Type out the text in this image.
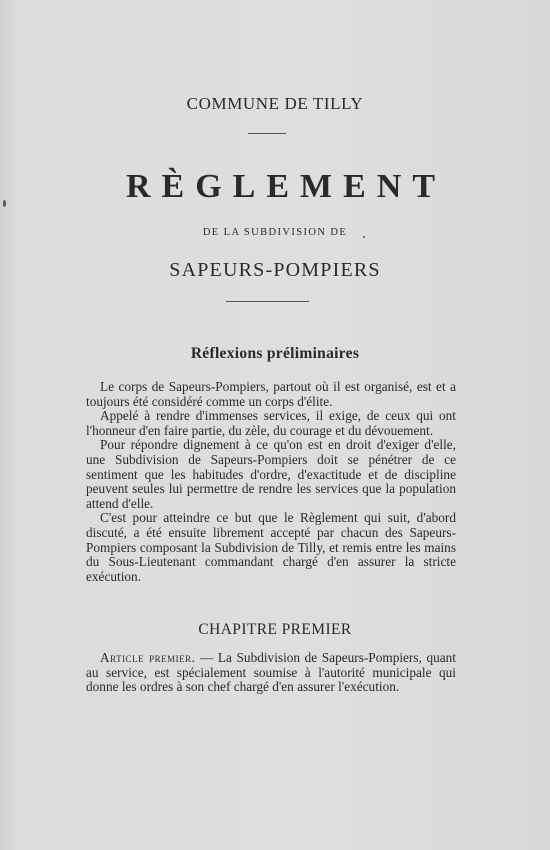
COMMUNE DE TILLY
RÈGLEMENT
DE LA SUBDIVISION DE
SAPEURS-POMPIERS
Réflexions préliminaires

Le corps de Sapeurs-Pompiers, partout où il est organisé, est et a toujours été considéré comme un corps d'élite.

Appelé à rendre d'immenses services, il exige, de ceux qui ont l'honneur d'en faire partie, du zèle, du courage et du dévouement.

Pour répondre dignement à ce qu'on est en droit d'exiger d'elle, une Subdivision de Sapeurs-Pompiers doit se pénétrer de ce sentiment que les habitudes d'ordre, d'exactitude et de discipline peuvent seules lui permettre de rendre les services que la population attend d'elle.

C'est pour atteindre ce but que le Règlement qui suit, d'abord discuté, a été ensuite librement accepté par chacun des Sapeurs-Pompiers composant la Subdivision de Tilly, et remis entre les mains du Sous-Lieutenant commandant chargé d'en assurer la stricte exécution.

CHAPITRE PREMIER

Article premier. — La Subdivision de Sapeurs-Pompiers, quant au service, est spécialement soumise à l'autorité municipale qui donne les ordres à son chef chargé d'en assurer l'exécution.
